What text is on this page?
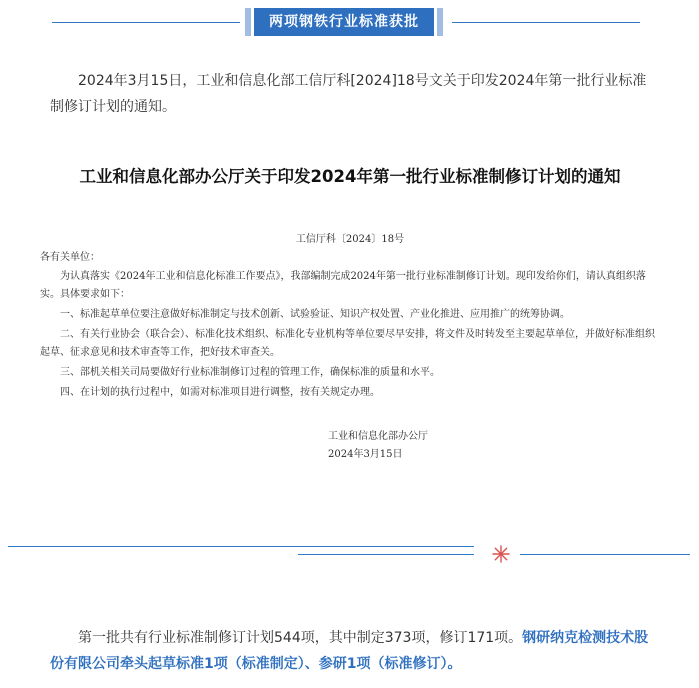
两项钢铁行业标准获批

2024年3月15日，工业和信息化部工信厅科[2024]18号文关于印发2024年第一批行业标准制修订计划的通知。

工业和信息化部办公厅关于印发2024年第一批行业标准制修订计划的通知
工信厅科〔2024〕18号
各有关单位：

为认真落实《2024年工业和信息化标准工作要点》，我部编制完成2024年第一批行业标准制修订计划。现印发给你们，请认真组织落实。具体要求如下：

一、标准起草单位要注意做好标准制定与技术创新、试验验证、知识产权处置、产业化推进、应用推广的统筹协调。

二、有关行业协会（联合会）、标准化技术组织、标准化专业机构等单位要尽早安排，将文件及时转发至主要起草单位，并做好标准组织起草、征求意见和技术审查等工作，把好技术审查关。

三、部机关相关司局要做好行业标准制修订过程的管理工作，确保标准的质量和水平。

四、在计划的执行过程中，如需对标准项目进行调整，按有关规定办理。

工业和信息化部办公厅
2024年3月15日

第一批共有行业标准制修订计划544项，其中制定373项，修订171项。钢研纳克检测技术股份有限公司牵头起草标准1项（标准制定）、参研1项（标准修订）。
